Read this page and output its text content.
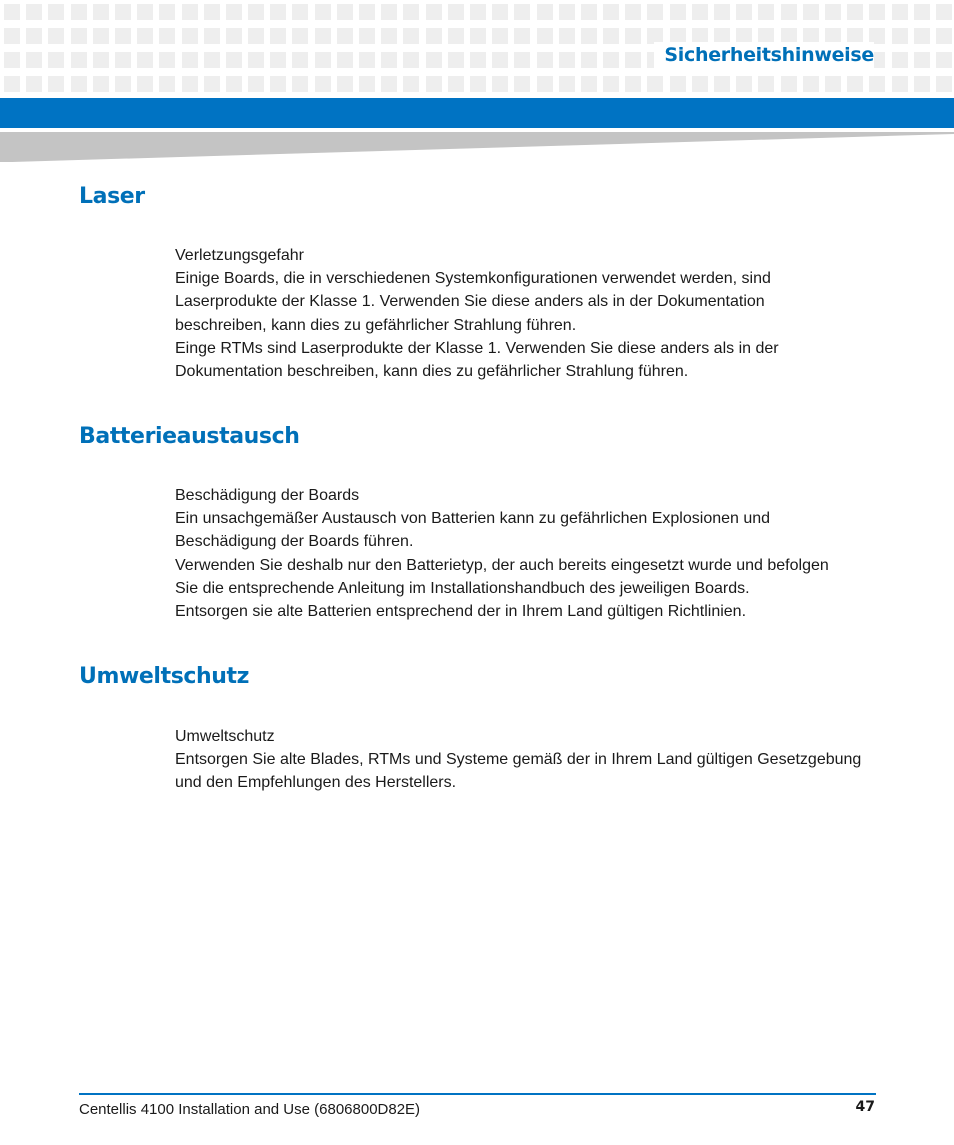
Sicherheitshinweise
Laser

Verletzungsgefahr

Einige Boards, die in verschiedenen Systemkonfigurationen verwendet werden, sind

Laserprodukte der Klasse 1. Verwenden Sie diese anders als in der Dokumentation

beschreiben, kann dies zu gefährlicher Strahlung führen.

Einge RTMs sind Laserprodukte der Klasse 1. Verwenden Sie diese anders als in der

Dokumentation beschreiben, kann dies zu gefährlicher Strahlung führen.

Batterieaustausch

Beschädigung der Boards

Ein unsachgemäßer Austausch von Batterien kann zu gefährlichen Explosionen und

Beschädigung der Boards führen.

Verwenden Sie deshalb nur den Batterietyp, der auch bereits eingesetzt wurde und befolgen

Sie die entsprechende Anleitung im Installationshandbuch des jeweiligen Boards.

Entsorgen sie alte Batterien entsprechend der in Ihrem Land gültigen Richtlinien.

Umweltschutz

Umweltschutz

Entsorgen Sie alte Blades, RTMs und Systeme gemäß der in Ihrem Land gültigen Gesetzgebung

und den Empfehlungen des Herstellers.

Centellis 4100 Installation and Use (6806800D82E)	47
